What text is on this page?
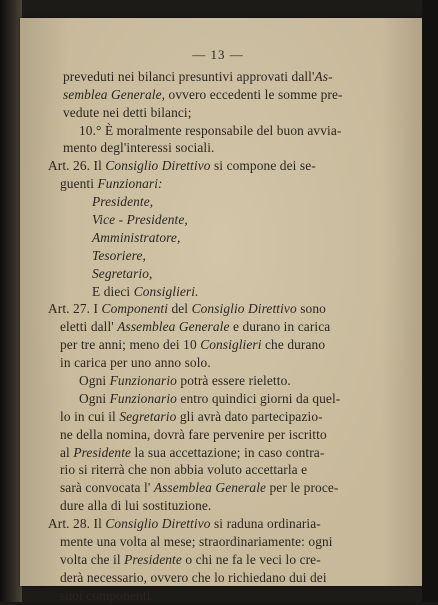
— 13 —
preveduti nei bilanci presuntivi approvati dall'As-
semblea Generale, ovvero eccedenti le somme pre-
vedute nei detti bilanci;
10.° È moralmente responsabile del buon avvia-
mento degl'interessi sociali.
Art. 26. Il Consiglio Direttivo si compone dei se-
guenti Funzionari:
Presidente,
Vice - Presidente,
Amministratore,
Tesoriere,
Segretario,
E dieci Consiglieri.
Art. 27. I Componenti del Consiglio Direttivo sono
eletti dall' Assemblea Generale e durano in carica
per tre anni; meno dei 10 Consiglieri che durano
in carica per uno anno solo.
Ogni Funzionario potrà essere rieletto.
Ogni Funzionario entro quindici giorni da quel-
lo in cui il Segretario gli avrà dato partecipazio-
ne della nomina, dovrà fare pervenire per iscritto
al Presidente la sua accettazione; in caso contra-
rio si riterrà che non abbia voluto accettarla e
sarà convocata l' Assemblea Generale per le proce-
dure alla di lui sostituzione.
Art. 28. Il Consiglio Direttivo si raduna ordinaria-
mente una volta al mese; straordinariamente: ogni
volta che il Presidente o chi ne fa le veci lo cre-
derà necessario, ovvero che lo richiedano dui dei
suoi componenti.
